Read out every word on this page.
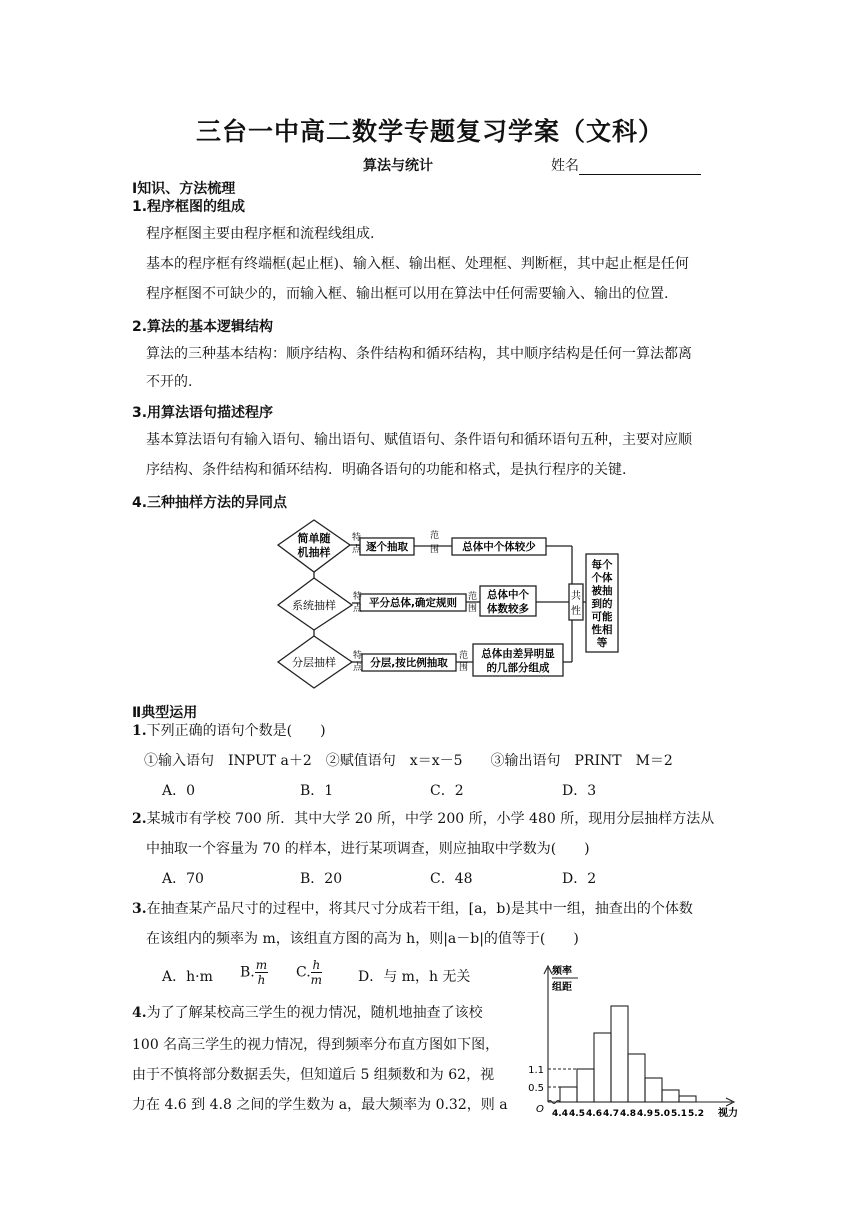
三台一中高二数学专题复习学案（文科）
算法与统计	姓名
Ⅰ知识、方法梳理
1.程序框图的组成
程序框图主要由程序框和流程线组成.
基本的程序框有终端框(起止框)、输入框、输出框、处理框、判断框，其中起止框是任何
程序框图不可缺少的，而输入框、输出框可以用在算法中任何需要输入、输出的位置.
2.算法的基本逻辑结构
算法的三种基本结构：顺序结构、条件结构和循环结构，其中顺序结构是任何一算法都离
不开的.
3.用算法语句描述程序
基本算法语句有输入语句、输出语句、赋值语句、条件语句和循环语句五种，主要对应顺
序结构、条件结构和循环结构．明确各语句的功能和格式，是执行程序的关键.
4.三种抽样方法的异同点
简单随
机抽样
系统抽样
分层抽样
特
点
特
点
特
点
范
围
范
围
范
围
逐个抽取
平分总体,确定规则
分层,按比例抽取
总体中个体较少
总体中个
体数较多
总体由差异明显
的几部分组成
共
性
每个
个体
被抽
到的
可能
性相
等
Ⅱ典型运用
1.下列正确的语句个数是(　　)
①输入语句　INPUT a＋2　②赋值语句　x＝x－5　　③输出语句　PRINT　M＝2
A．0	B．1	C．2	D．3
2.某城市有学校 700 所．其中大学 20 所，中学 200 所，小学 480 所，现用分层抽样方法从
中抽取一个容量为 70 的样本，进行某项调查，则应抽取中学数为(　　)
A．70	B．20	C．48	D．2
3.在抽查某产品尺寸的过程中，将其尺寸分成若干组，[a，b)是其中一组，抽查出的个体数
在该组内的频率为 m，该组直方图的高为 h，则|a－b|的值等于(　　)
A．h·m B. $\frac{m}{h} C$. $\frac{h}{m}$	D．与 m，h 无关
4.为了了解某校高三学生的视力情况，随机地抽查了该校
100 名高三学生的视力情况，得到频率分布直方图如下图，
由于不慎将部分数据丢失，但知道后 5 组频数和为 62，视
力在 4.6 到 4.8 之间的学生数为 a，最大频率为 0.32，则 a
频率
组距
O	视力
4.4 4.5 4.6 4.7 4.8 4.9 5.0 5.1 5.2
1.1
0.5
